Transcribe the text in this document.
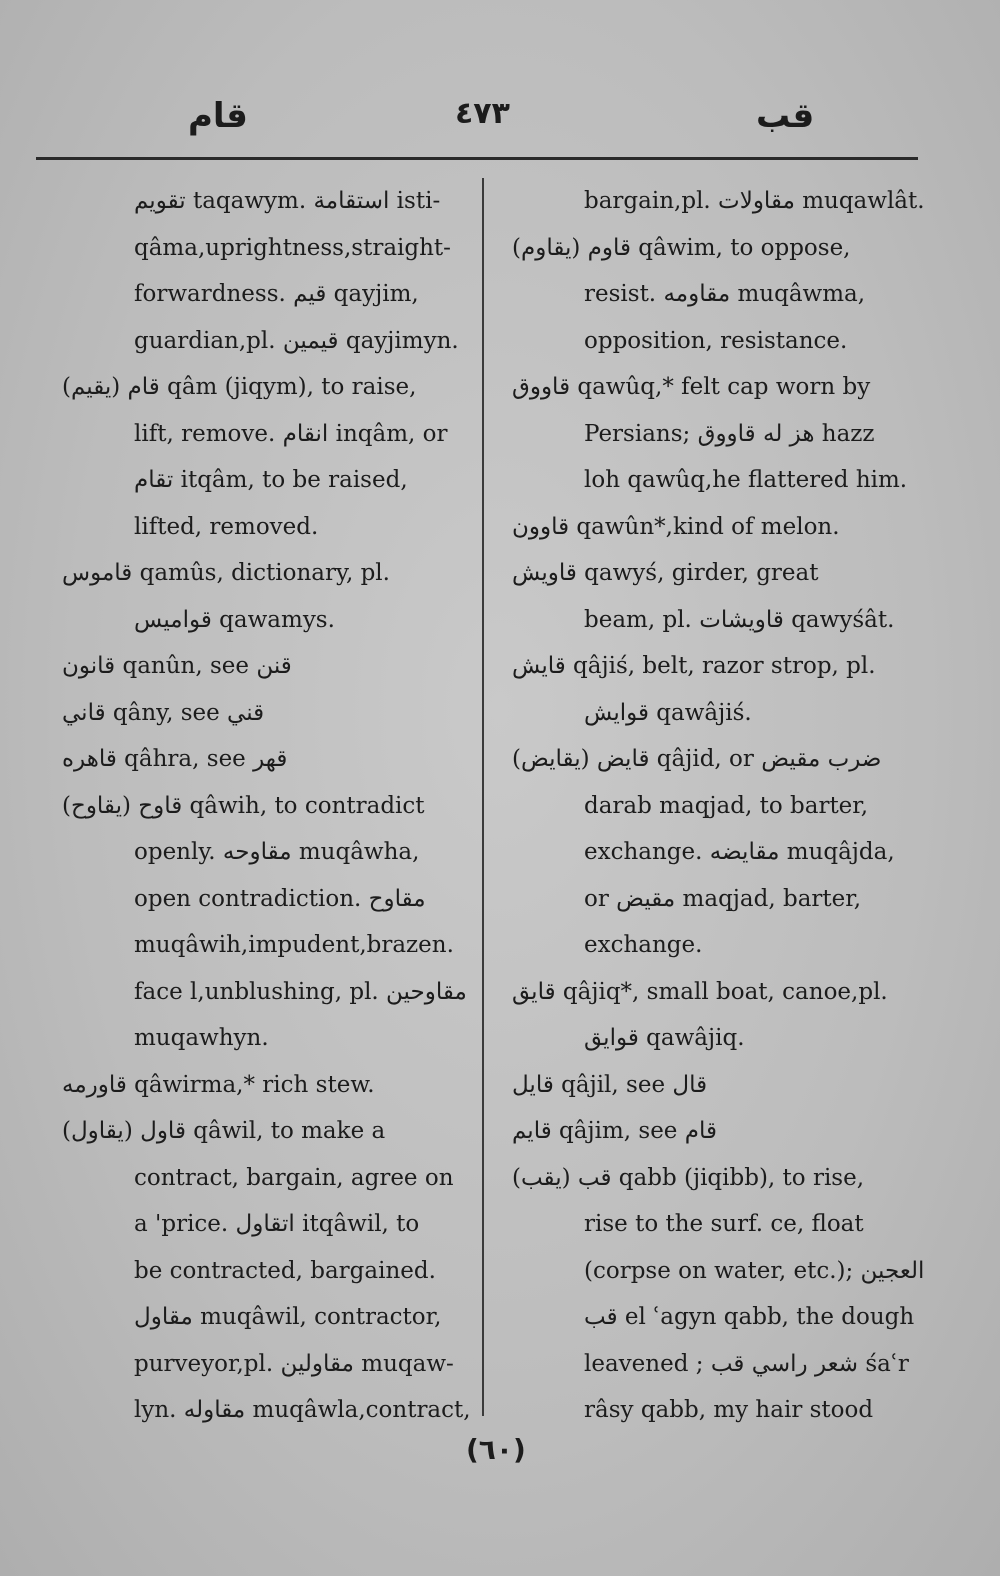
قام	٤٧٣	قب
تقويم taqawym. استقامة isti-
qâma,uprightness,straight-
forwardness. قيم qayjim,
guardian,pl. قيمين qayjimyn.
قام (يقيم) qâm (jiqym), to raise,
lift, remove. انقام inqâm, or
تقام itqâm, to be raised,
lifted, removed.
قاموس qamûs, dictionary, pl.
قواميس qawamys.
قانون qanûn, see قنن
قاني qâny, see قني
قاهره qâhra, see قهر
قاوح (يقاوح) qâwih, to contradict
openly. مقاوحه muqâwha,
open contradiction. مقاوح
muqâwih,impudent,brazen.
face l,unblushing, pl. مقاوحين
muqawhyn.
قاورمه qâwirma,* rich stew.
قاول (يقاول) qâwil, to make a
contract, bargain, agree on
a 'price. اتقاول itqâwil, to
be contracted, bargained.
مقاول muqâwil, contractor,
purveyor,pl. مقاولين muqaw-
lyn. مقاوله muqâwla,contract,
bargain,pl. مقاولات muqawlât.
قاوم (يقاوم) qâwim, to oppose,
resist. مقاومه muqâwma,
opposition, resistance.
قاووق qawûq,* felt cap worn by
Persians; هز له قاووق hazz
loh qawûq,he flattered him.
قاوون qawûn*,kind of melon.
قاويش qawyś, girder, great
beam, pl. قاويشات qawyśât.
قايش qâjiś, belt, razor strop, pl.
قوايش qawâjiś.
قايض (يقايض) qâjid, or ضرب مقيض
darab maqjad, to barter,
exchange. مقايضه muqâjda,
or مقيض maqjad, barter,
exchange.
قايق qâjiq*, small boat, canoe,pl.
قوايق qawâjiq.
قايل qâjil, see قال
قايم qâjim, see قام
قب (يقب) qabb (jiqibb), to rise,
rise to the surf. ce, float
(corpse on water, etc.); العجين
قب el ʿagyn qabb, the dough
leavened ; شعر راسي قب śaʿr
râsy qabb, my hair stood
(٦٠)
